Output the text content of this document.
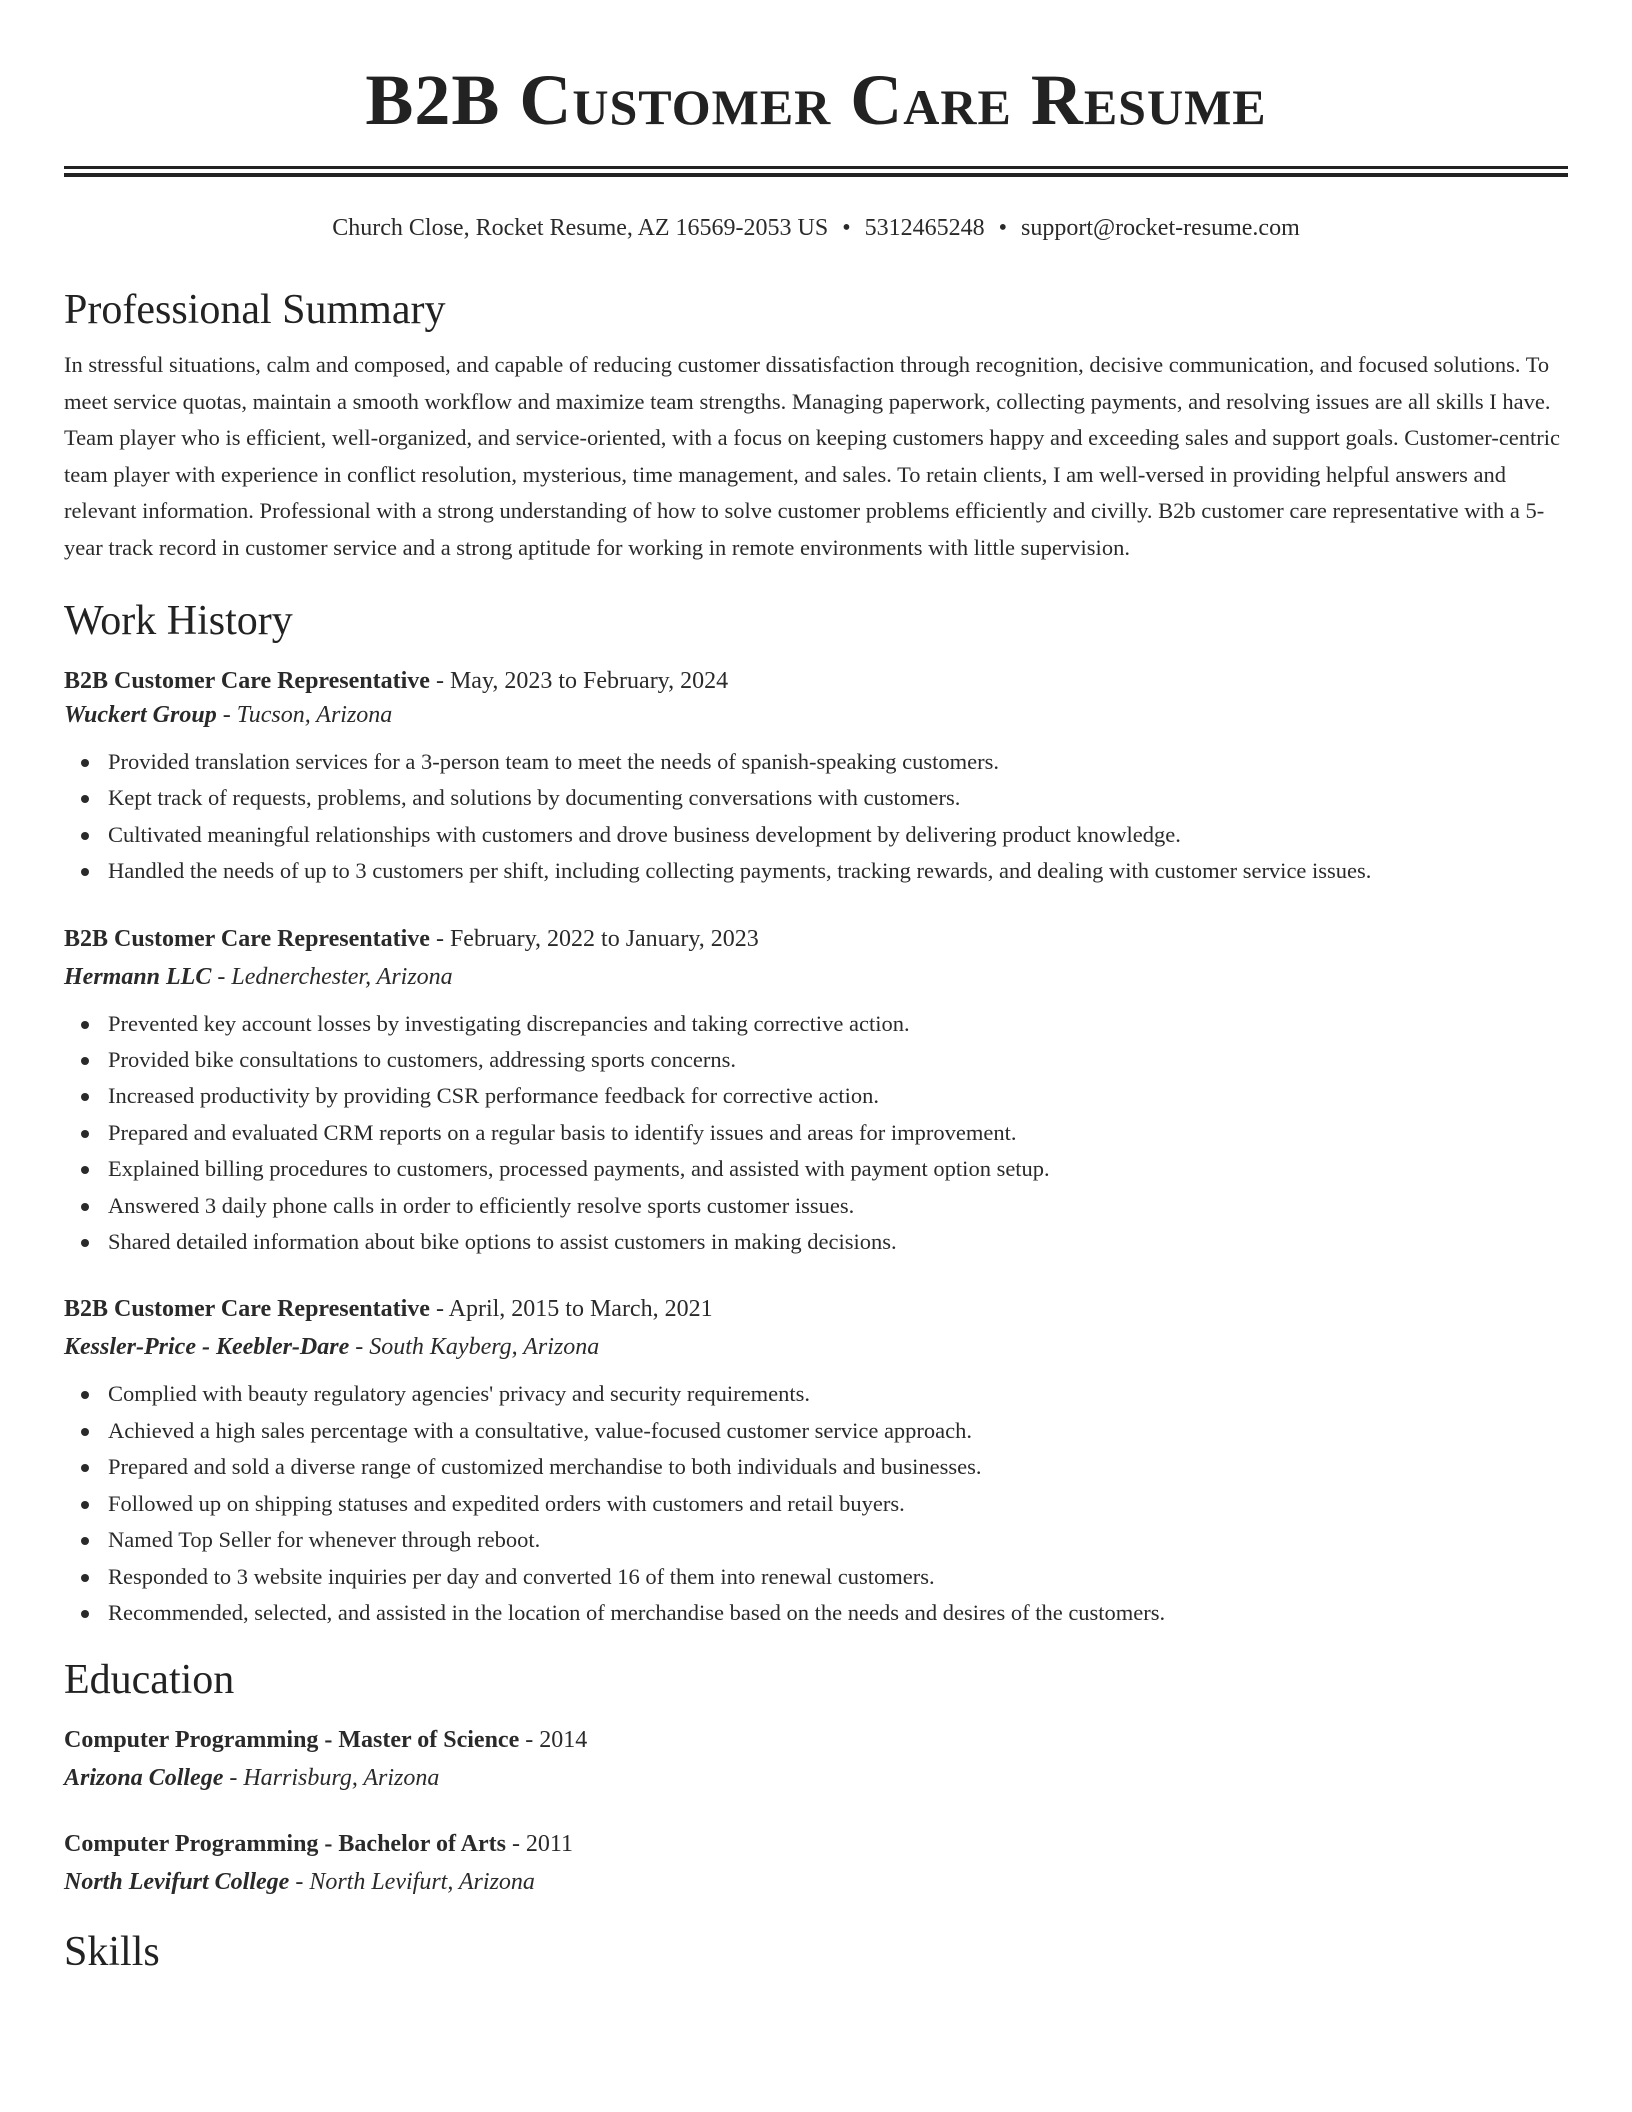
B2B Customer Care Resume
Church Close, Rocket Resume, AZ 16569-2053 US • 5312465248 • support@rocket-resume.com
Professional Summary

In stressful situations, calm and composed, and capable of reducing customer dissatisfaction through recognition, decisive communication, and focused solutions. To meet service quotas, maintain a smooth workflow and maximize team strengths. Managing paperwork, collecting payments, and resolving issues are all skills I have. Team player who is efficient, well-organized, and service-oriented, with a focus on keeping customers happy and exceeding sales and support goals. Customer-centric team player with experience in conflict resolution, mysterious, time management, and sales. To retain clients, I am well-versed in providing helpful answers and relevant information. Professional with a strong understanding of how to solve customer problems efficiently and civilly. B2b customer care representative with a 5-year track record in customer service and a strong aptitude for working in remote environments with little supervision.

Work History
B2B Customer Care Representative - May, 2023 to February, 2024
Wuckert Group - Tucson, Arizona
Provided translation services for a 3-person team to meet the needs of spanish-speaking customers.
Kept track of requests, problems, and solutions by documenting conversations with customers.
Cultivated meaningful relationships with customers and drove business development by delivering product knowledge.
Handled the needs of up to 3 customers per shift, including collecting payments, tracking rewards, and dealing with customer service issues.
B2B Customer Care Representative - February, 2022 to January, 2023
Hermann LLC - Lednerchester, Arizona
Prevented key account losses by investigating discrepancies and taking corrective action.
Provided bike consultations to customers, addressing sports concerns.
Increased productivity by providing CSR performance feedback for corrective action.
Prepared and evaluated CRM reports on a regular basis to identify issues and areas for improvement.
Explained billing procedures to customers, processed payments, and assisted with payment option setup.
Answered 3 daily phone calls in order to efficiently resolve sports customer issues.
Shared detailed information about bike options to assist customers in making decisions.
B2B Customer Care Representative - April, 2015 to March, 2021
Kessler-Price - Keebler-Dare - South Kayberg, Arizona
Complied with beauty regulatory agencies' privacy and security requirements.
Achieved a high sales percentage with a consultative, value-focused customer service approach.
Prepared and sold a diverse range of customized merchandise to both individuals and businesses.
Followed up on shipping statuses and expedited orders with customers and retail buyers.
Named Top Seller for whenever through reboot.
Responded to 3 website inquiries per day and converted 16 of them into renewal customers.
Recommended, selected, and assisted in the location of merchandise based on the needs and desires of the customers.
Education
Computer Programming - Master of Science - 2014
Arizona College - Harrisburg, Arizona
Computer Programming - Bachelor of Arts - 2011
North Levifurt College - North Levifurt, Arizona
Skills
